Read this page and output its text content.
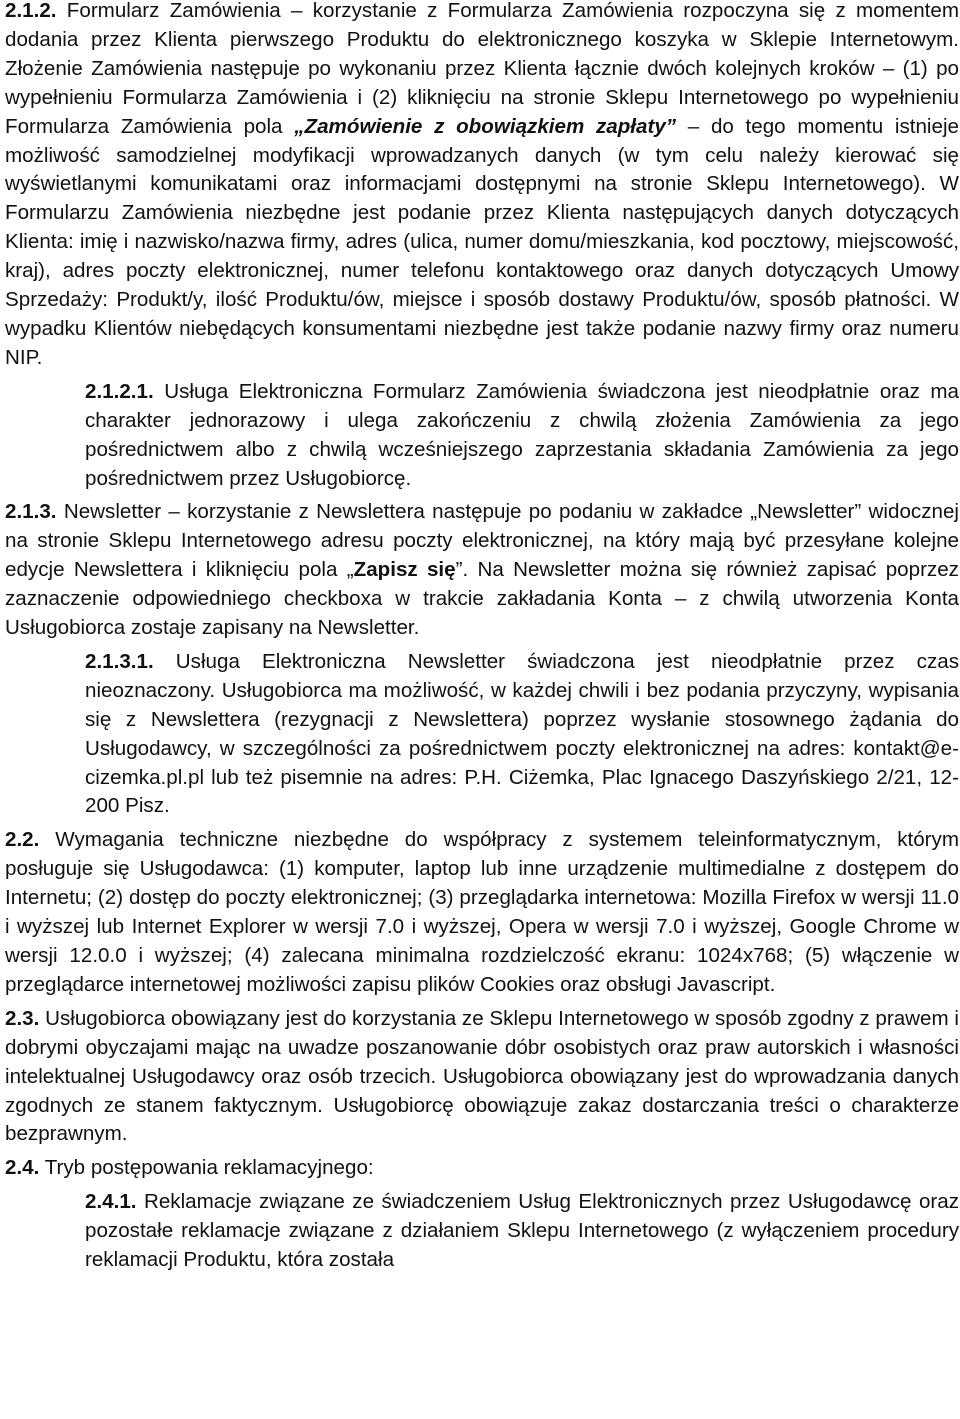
2.1.2. Formularz Zamówienia – korzystanie z Formularza Zamówienia rozpoczyna się z momentem dodania przez Klienta pierwszego Produktu do elektronicznego koszyka w Sklepie Internetowym. Złożenie Zamówienia następuje po wykonaniu przez Klienta łącznie dwóch kolejnych kroków – (1) po wypełnieniu Formularza Zamówienia i (2) kliknięciu na stronie Sklepu Internetowego po wypełnieniu Formularza Zamówienia pola „Zamówienie z obowiązkiem zapłaty” – do tego momentu istnieje możliwość samodzielnej modyfikacji wprowadzanych danych (w tym celu należy kierować się wyświetlanymi komunikatami oraz informacjami dostępnymi na stronie Sklepu Internetowego). W Formularzu Zamówienia niezbędne jest podanie przez Klienta następujących danych dotyczących Klienta: imię i nazwisko/nazwa firmy, adres (ulica, numer domu/mieszkania, kod pocztowy, miejscowość, kraj), adres poczty elektronicznej, numer telefonu kontaktowego oraz danych dotyczących Umowy Sprzedaży: Produkt/y, ilość Produktu/ów, miejsce i sposób dostawy Produktu/ów, sposób płatności. W wypadku Klientów niebędących konsumentami niezbędne jest także podanie nazwy firmy oraz numeru NIP.

2.1.2.1. Usługa Elektroniczna Formularz Zamówienia świadczona jest nieodpłatnie oraz ma charakter jednorazowy i ulega zakończeniu z chwilą złożenia Zamówienia za jego pośrednictwem albo z chwilą wcześniejszego zaprzestania składania Zamówienia za jego pośrednictwem przez Usługobiorcę.

2.1.3. Newsletter – korzystanie z Newslettera następuje po podaniu w zakładce „Newsletter” widocznej na stronie Sklepu Internetowego adresu poczty elektronicznej, na który mają być przesyłane kolejne edycje Newslettera i kliknięciu pola „Zapisz się”. Na Newsletter można się również zapisać poprzez zaznaczenie odpowiedniego checkboxa w trakcie zakładania Konta – z chwilą utworzenia Konta Usługobiorca zostaje zapisany na Newsletter.

2.1.3.1. Usługa Elektroniczna Newsletter świadczona jest nieodpłatnie przez czas nieoznaczony. Usługobiorca ma możliwość, w każdej chwili i bez podania przyczyny, wypisania się z Newslettera (rezygnacji z Newslettera) poprzez wysłanie stosownego żądania do Usługodawcy, w szczególności za pośrednictwem poczty elektronicznej na adres: kontakt@e-cizemka.pl.pl lub też pisemnie na adres: P.H. Ciżemka, Plac Ignacego Daszyńskiego 2/21, 12-200 Pisz.

2.2. Wymagania techniczne niezbędne do współpracy z systemem teleinformatycznym, którym posługuje się Usługodawca: (1) komputer, laptop lub inne urządzenie multimedialne z dostępem do Internetu; (2) dostęp do poczty elektronicznej; (3) przeglądarka internetowa: Mozilla Firefox w wersji 11.0 i wyższej lub Internet Explorer w wersji 7.0 i wyższej, Opera w wersji 7.0 i wyższej, Google Chrome w wersji 12.0.0 i wyższej; (4) zalecana minimalna rozdzielczość ekranu: 1024x768; (5) włączenie w przeglądarce internetowej możliwości zapisu plików Cookies oraz obsługi Javascript.

2.3. Usługobiorca obowiązany jest do korzystania ze Sklepu Internetowego w sposób zgodny z prawem i dobrymi obyczajami mając na uwadze poszanowanie dóbr osobistych oraz praw autorskich i własności intelektualnej Usługodawcy oraz osób trzecich. Usługobiorca obowiązany jest do wprowadzania danych zgodnych ze stanem faktycznym. Usługobiorcę obowiązuje zakaz dostarczania treści o charakterze bezprawnym.

2.4. Tryb postępowania reklamacyjnego:

2.4.1. Reklamacje związane ze świadczeniem Usług Elektronicznych przez Usługodawcę oraz pozostałe reklamacje związane z działaniem Sklepu Internetowego (z wyłączeniem procedury reklamacji Produktu, która została
